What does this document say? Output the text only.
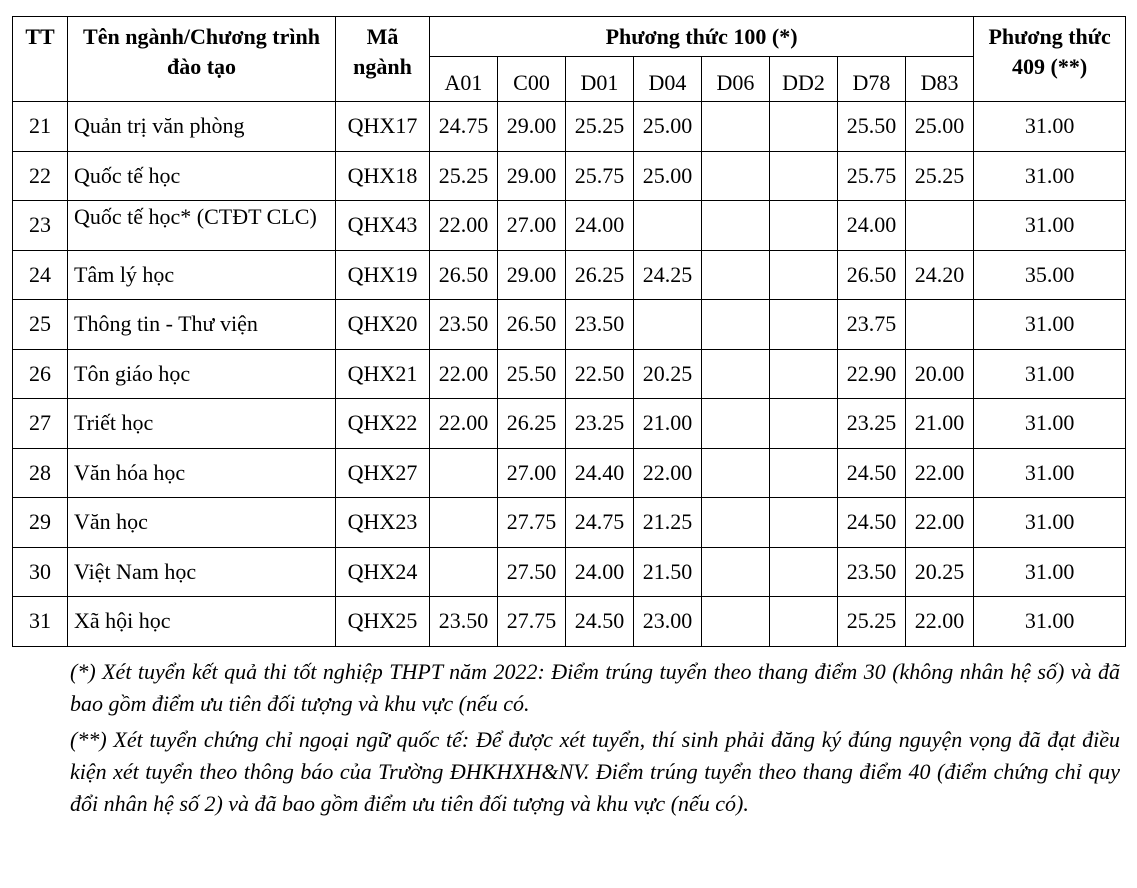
TT	Tên ngành/Chương trình đào tạo	Mã ngành	Phương thức 100 (*)								Phương thức 409 (**)
			A01	C00	D01	D04	D06	DD2	D78	D83	
21	Quản trị văn phòng	QHX17	24.75	29.00	25.25	25.00			25.50	25.00	31.00
22	Quốc tế học	QHX18	25.25	29.00	25.75	25.00			25.75	25.25	31.00
23	Quốc tế học* (CTĐT CLC)	QHX43	22.00	27.00	24.00				24.00		31.00
24	Tâm lý học	QHX19	26.50	29.00	26.25	24.25			26.50	24.20	35.00
25	Thông tin - Thư viện	QHX20	23.50	26.50	23.50				23.75		31.00
26	Tôn giáo học	QHX21	22.00	25.50	22.50	20.25			22.90	20.00	31.00
27	Triết học	QHX22	22.00	26.25	23.25	21.00			23.25	21.00	31.00
28	Văn hóa học	QHX27		27.00	24.40	22.00			24.50	22.00	31.00
29	Văn học	QHX23		27.75	24.75	21.25			24.50	22.00	31.00
30	Việt Nam học	QHX24		27.50	24.00	21.50			23.50	20.25	31.00
31	Xã hội học	QHX25	23.50	27.75	24.50	23.00			25.25	22.00	31.00

(*) Xét tuyển kết quả thi tốt nghiệp THPT năm 2022: Điểm trúng tuyển theo thang điểm 30 (không nhân hệ số) và đã bao gồm điểm ưu tiên đối tượng và khu vực (nếu có.

(**) Xét tuyển chứng chỉ ngoại ngữ quốc tế: Để được xét tuyển, thí sinh phải đăng ký đúng nguyện vọng đã đạt điều kiện xét tuyển theo thông báo của Trường ĐHKHXH&NV. Điểm trúng tuyển theo thang điểm 40 (điểm chứng chỉ quy đổi nhân hệ số 2) và đã bao gồm điểm ưu tiên đối tượng và khu vực (nếu có).
